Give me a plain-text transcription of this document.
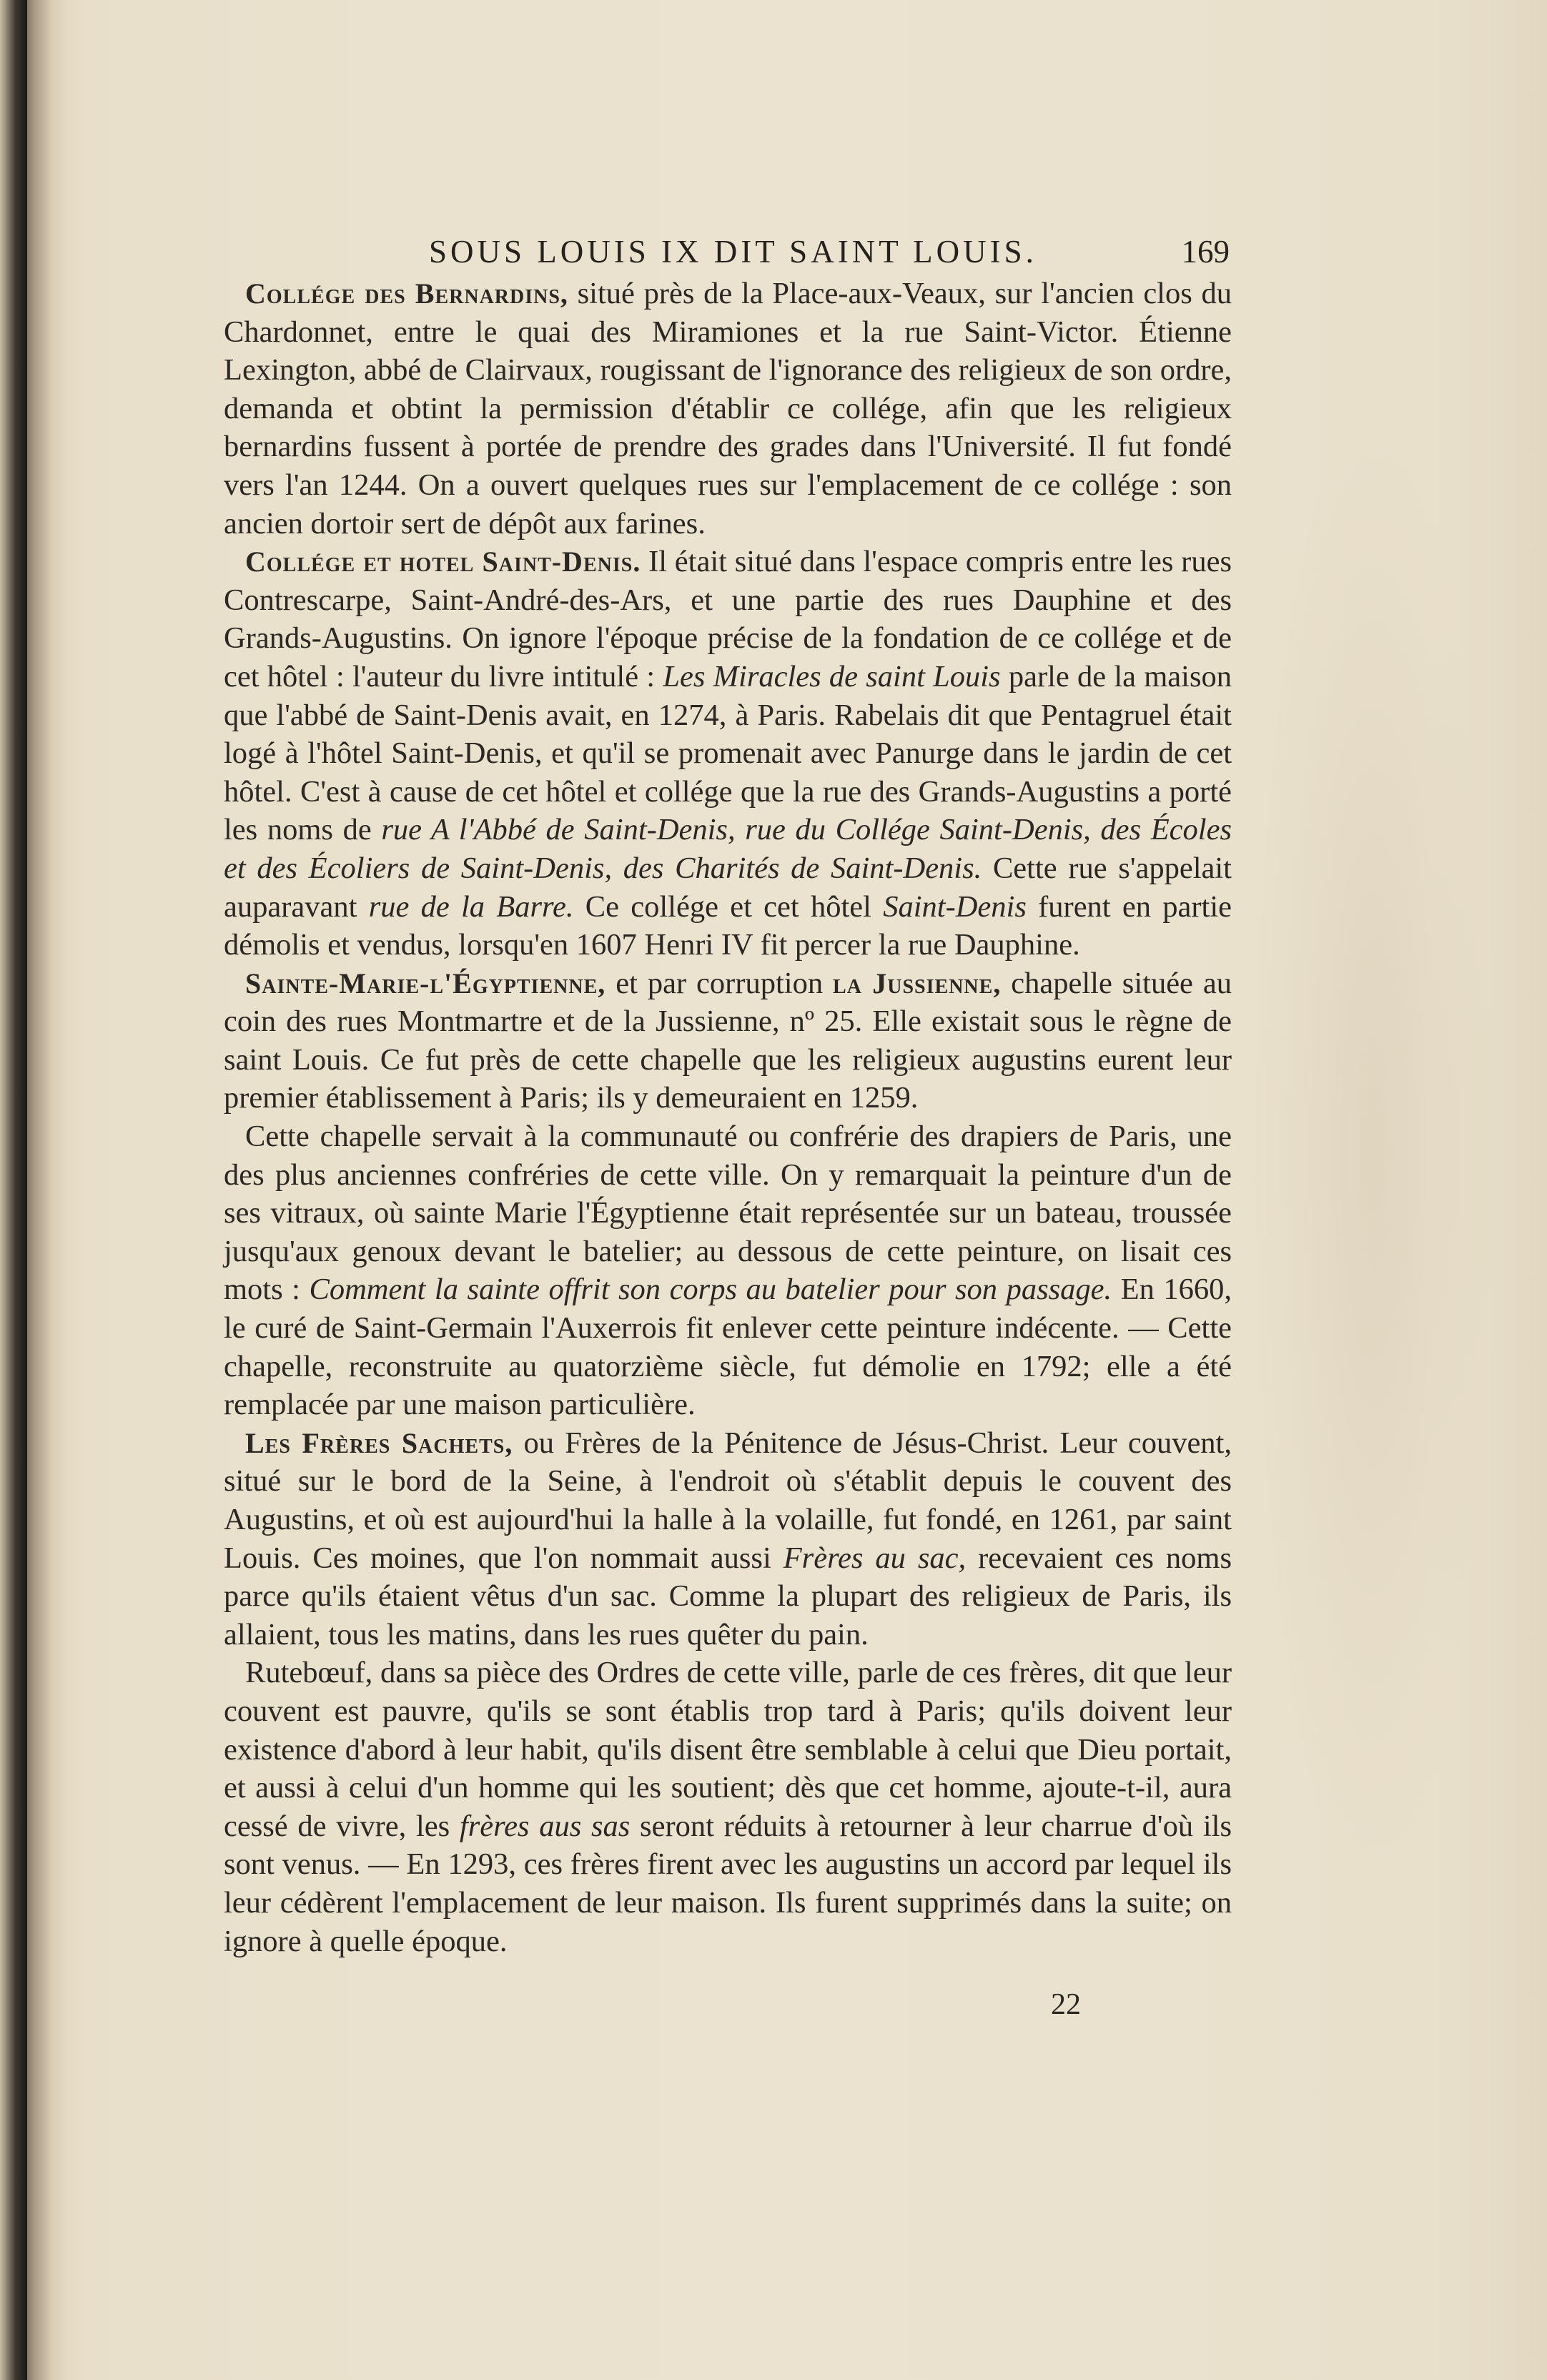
SOUS LOUIS IX DIT SAINT LOUIS.	169

Collége des Bernardins, situé près de la Place-aux-Veaux, sur l'ancien clos du Chardonnet, entre le quai des Miramiones et la rue Saint-Victor. Étienne Lexington, abbé de Clairvaux, rougissant de l'ignorance des religieux de son ordre, demanda et obtint la permission d'établir ce collége, afin que les religieux bernardins fussent à portée de prendre des grades dans l'Université. Il fut fondé vers l'an 1244. On a ouvert quelques rues sur l'emplacement de ce collége : son ancien dortoir sert de dépôt aux farines.

Collége et hotel Saint-Denis. Il était situé dans l'espace compris entre les rues Contrescarpe, Saint-André-des-Ars, et une partie des rues Dauphine et des Grands-Augustins. On ignore l'époque précise de la fondation de ce collége et de cet hôtel : l'auteur du livre intitulé : Les Miracles de saint Louis parle de la maison que l'abbé de Saint-Denis avait, en 1274, à Paris. Rabelais dit que Pentagruel était logé à l'hôtel Saint-Denis, et qu'il se promenait avec Panurge dans le jardin de cet hôtel. C'est à cause de cet hôtel et collége que la rue des Grands-Augustins a porté les noms de rue A l'Abbé de Saint-Denis, rue du Collége Saint-Denis, des Écoles et des Écoliers de Saint-Denis, des Charités de Saint-Denis. Cette rue s'appelait auparavant rue de la Barre. Ce collége et cet hôtel Saint-Denis furent en partie démolis et vendus, lorsqu'en 1607 Henri IV fit percer la rue Dauphine.

Sainte-Marie-l'Égyptienne, et par corruption la Jussienne, chapelle située au coin des rues Montmartre et de la Jussienne, nº 25. Elle existait sous le règne de saint Louis. Ce fut près de cette chapelle que les religieux augustins eurent leur premier établissement à Paris; ils y demeuraient en 1259.

Cette chapelle servait à la communauté ou confrérie des drapiers de Paris, une des plus anciennes confréries de cette ville. On y remarquait la peinture d'un de ses vitraux, où sainte Marie l'Égyptienne était représentée sur un bateau, troussée jusqu'aux genoux devant le batelier; au dessous de cette peinture, on lisait ces mots : Comment la sainte offrit son corps au batelier pour son passage. En 1660, le curé de Saint-Germain l'Auxerrois fit enlever cette peinture indécente. — Cette chapelle, reconstruite au quatorzième siècle, fut démolie en 1792; elle a été remplacée par une maison particulière.

Les Frères Sachets, ou Frères de la Pénitence de Jésus-Christ. Leur couvent, situé sur le bord de la Seine, à l'endroit où s'établit depuis le couvent des Augustins, et où est aujourd'hui la halle à la volaille, fut fondé, en 1261, par saint Louis. Ces moines, que l'on nommait aussi Frères au sac, recevaient ces noms parce qu'ils étaient vêtus d'un sac. Comme la plupart des religieux de Paris, ils allaient, tous les matins, dans les rues quêter du pain.

Rutebœuf, dans sa pièce des Ordres de cette ville, parle de ces frères, dit que leur couvent est pauvre, qu'ils se sont établis trop tard à Paris; qu'ils doivent leur existence d'abord à leur habit, qu'ils disent être semblable à celui que Dieu portait, et aussi à celui d'un homme qui les soutient; dès que cet homme, ajoute-t-il, aura cessé de vivre, les frères aus sas seront réduits à retourner à leur charrue d'où ils sont venus. — En 1293, ces frères firent avec les augustins un accord par lequel ils leur cédèrent l'emplacement de leur maison. Ils furent supprimés dans la suite; on ignore à quelle époque.

22
